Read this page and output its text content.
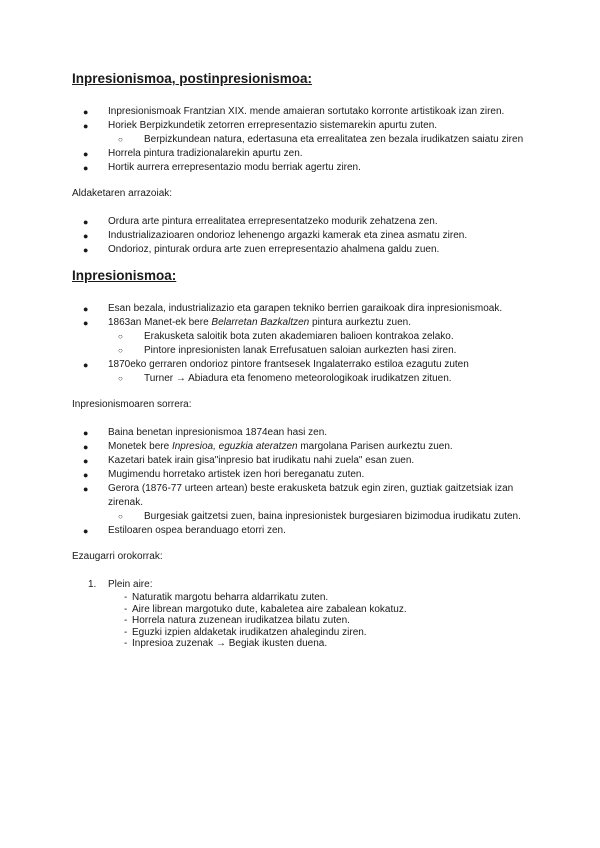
Inpresionismoa, postinpresionismoa:
● Inpresionismoak Frantzian XIX. mende amaieran sortutako korronte artistikoak izan ziren.
● Horiek Berpizkundetik zetorren errepresentazio sistemarekin apurtu zuten.
○ Berpizkundean natura, edertasuna eta errealitatea zen bezala irudikatzen saiatu ziren
● Horrela pintura tradizionalarekin apurtu zen.
● Hortik aurrera errepresentazio modu berriak agertu ziren.

Aldaketaren arrazoiak:

● Ordura arte pintura errealitatea errepresentatzeko modurik zehatzena zen.
● Industrializazioaren ondorioz lehenengo argazki kamerak eta zinea asmatu ziren.
● Ondorioz, pinturak ordura arte zuen errepresentazio ahalmena galdu zuen.
Inpresionismoa:
● Esan bezala, industrializazio eta garapen tekniko berrien garaikoak dira inpresionismoak.
● 1863an Manet-ek bere Belarretan Bazkaltzen pintura aurkeztu zuen.
○ Erakusketa saloitik bota zuten akademiaren balioen kontrakoa zelako.
○ Pintore inpresionisten lanak Errefusatuen saloian aurkezten hasi ziren.
● 1870eko gerraren ondorioz pintore frantsesek Ingalaterrako estiloa ezagutu zuten
○ Turner → Abiadura eta fenomeno meteorologikoak irudikatzen zituen.

Inpresionismoaren sorrera:

● Baina benetan inpresionismoa 1874ean hasi zen.
● Monetek bere Inpresioa, eguzkia ateratzen margolana Parisen aurkeztu zuen.
● Kazetari batek irain gisa"inpresio bat irudikatu nahi zuela" esan zuen.
● Mugimendu horretako artistek izen hori bereganatu zuten.
● Gerora (1876-77 urteen artean) beste erakusketa batzuk egin ziren, guztiak gaitzetsiak izan zirenak.
○ Burgesiak gaitzetsi zuen, baina inpresionistek burgesiaren bizimodua irudikatu zuten.
● Estiloaren ospea beranduago etorri zen.

Ezaugarri orokorrak:

1. Plein aire:
- Naturatik margotu beharra aldarrikatu zuten.
- Aire librean margotuko dute, kabaletea aire zabalean kokatuz.
- Horrela natura zuzenean irudikatzea bilatu zuten.
- Eguzki izpien aldaketak irudikatzen ahalegindu ziren.
- Inpresioa zuzenak → Begiak ikusten duena.
